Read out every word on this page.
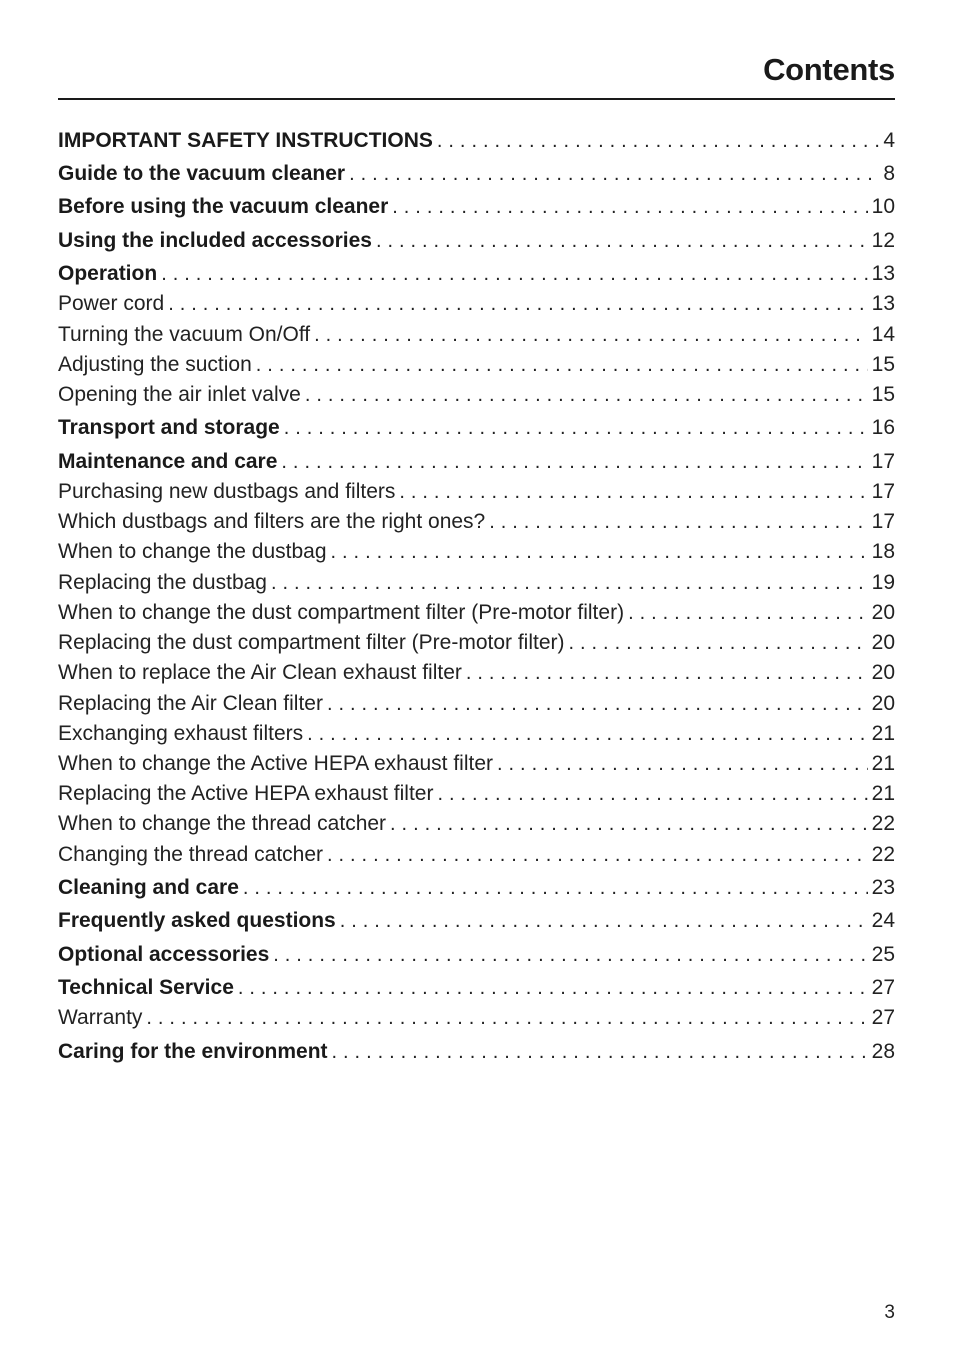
Contents
IMPORTANT SAFETY INSTRUCTIONS . . .	4
Guide to the vacuum cleaner . . .	8
Before using the vacuum cleaner . . .	10
Using the included accessories . . .	12
Operation . . .	13
Power cord . . .	13
Turning the vacuum On/Off . . .	14
Adjusting the suction . . .	15
Opening the air inlet valve . . .	15
Transport and storage . . .	16
Maintenance and care . . .	17
Purchasing new dustbags and filters . . .	17
Which dustbags and filters are the right ones? . . .	17
When to change the dustbag . . .	18
Replacing the dustbag . . .	19
When to change the dust compartment filter (Pre-motor filter) . . .	20
Replacing the dust compartment filter (Pre-motor filter) . . .	20
When to replace the Air Clean exhaust filter . . .	20
Replacing the Air Clean filter . . .	20
Exchanging exhaust filters . . .	21
When to change the Active HEPA exhaust filter . . .	21
Replacing the Active HEPA exhaust filter . . .	21
When to change the thread catcher . . .	22
Changing the thread catcher . . .	22
Cleaning and care . . .	23
Frequently asked questions . . .	24
Optional accessories . . .	25
Technical Service . . .	27
Warranty . . .	27
Caring for the environment . . .	28
3
